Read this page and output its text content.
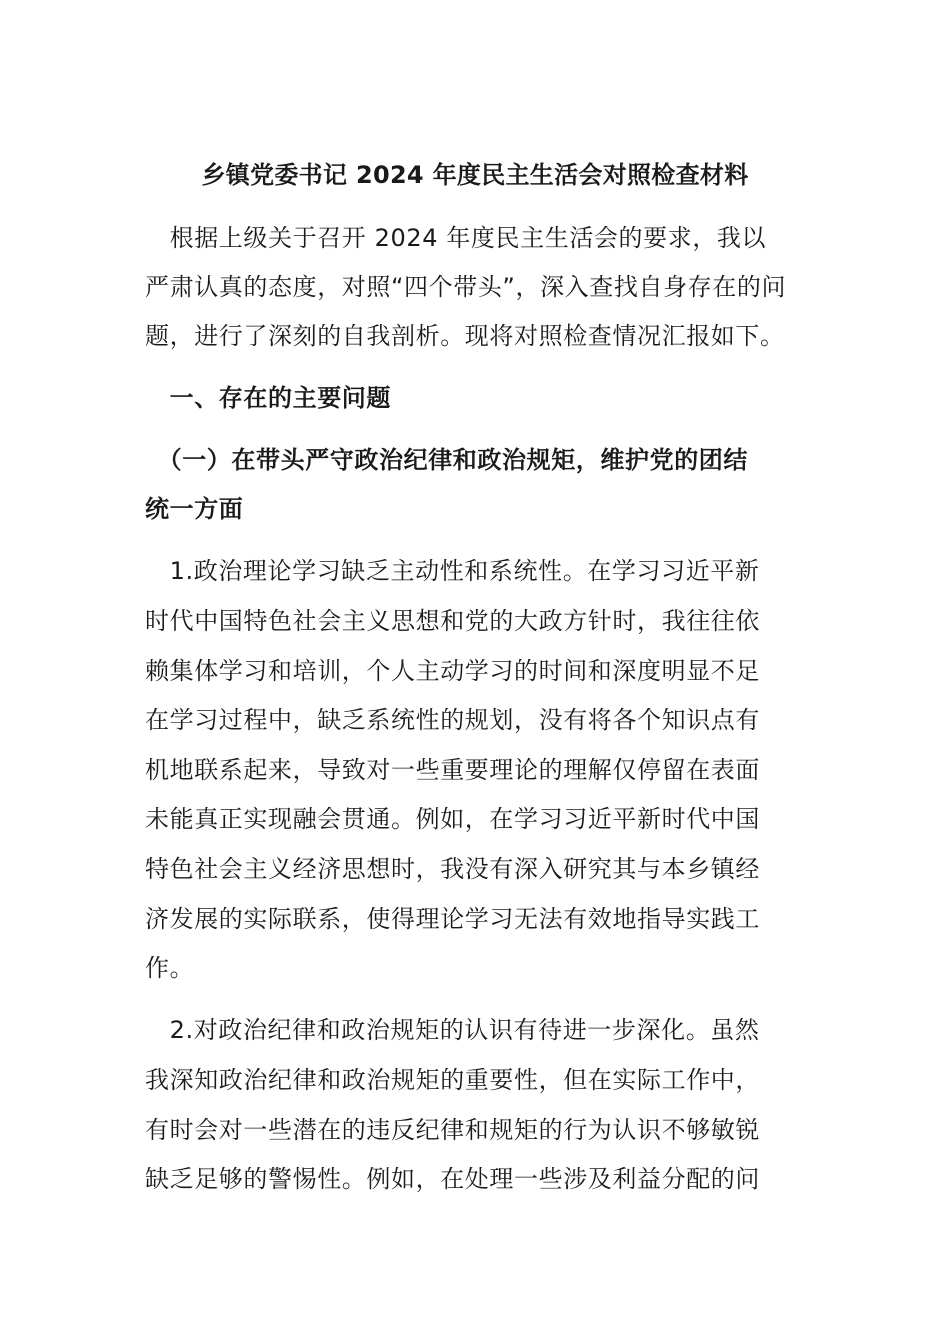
乡镇党委书记 2024 年度民主生活会对照检查材料
　根据上级关于召开 2024 年度民主生活会的要求，我以
严肃认真的态度，对照“四个带头”，深入查找自身存在的问
题，进行了深刻的自我剖析。现将对照检查情况汇报如下。
　一、存在的主要问题
　（一）在带头严守政治纪律和政治规矩，维护党的团结
统一方面
　1.政治理论学习缺乏主动性和系统性。在学习习近平新
时代中国特色社会主义思想和党的大政方针时，我往往依
赖集体学习和培训，个人主动学习的时间和深度明显不足
在学习过程中，缺乏系统性的规划，没有将各个知识点有
机地联系起来，导致对一些重要理论的理解仅停留在表面
未能真正实现融会贯通。例如，在学习习近平新时代中国
特色社会主义经济思想时，我没有深入研究其与本乡镇经
济发展的实际联系，使得理论学习无法有效地指导实践工
作。
　2.对政治纪律和政治规矩的认识有待进一步深化。虽然
我深知政治纪律和政治规矩的重要性，但在实际工作中，
有时会对一些潜在的违反纪律和规矩的行为认识不够敏锐
缺乏足够的警惕性。例如，在处理一些涉及利益分配的问
